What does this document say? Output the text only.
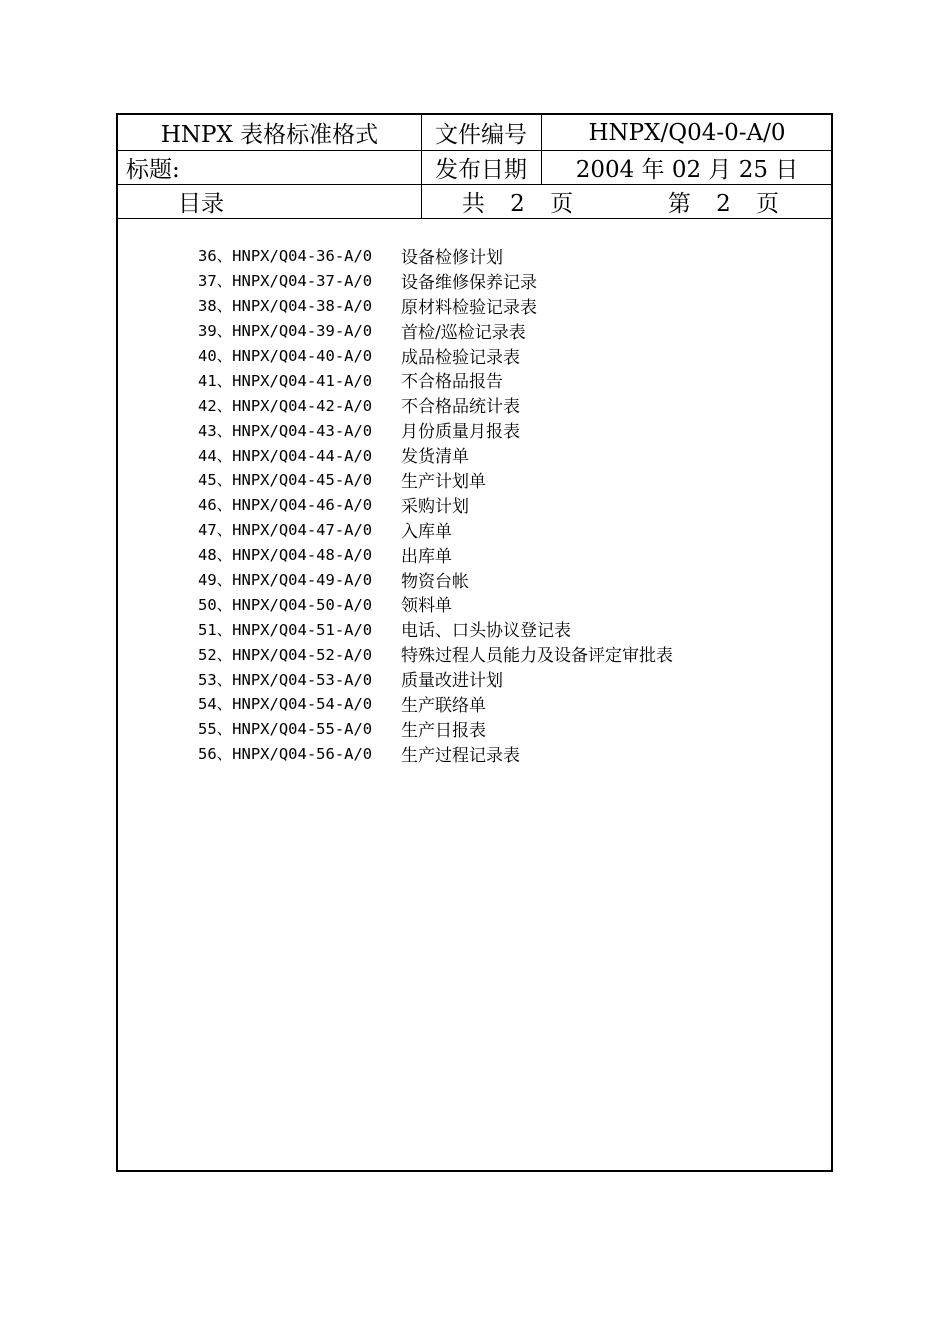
HNPX 表格标准格式	文件编号	HNPX/Q04-0-A/0
标题:	发布日期	2004 年 02 月 25 日
目录	共 2 页	第 2 页
36、HNPX/Q04-36-A/0	设备检修计划
37、HNPX/Q04-37-A/0	设备维修保养记录
38、HNPX/Q04-38-A/0	原材料检验记录表
39、HNPX/Q04-39-A/0	首检/巡检记录表
40、HNPX/Q04-40-A/0	成品检验记录表
41、HNPX/Q04-41-A/0	不合格品报告
42、HNPX/Q04-42-A/0	不合格品统计表
43、HNPX/Q04-43-A/0	月份质量月报表
44、HNPX/Q04-44-A/0	发货清单
45、HNPX/Q04-45-A/0	生产计划单
46、HNPX/Q04-46-A/0	采购计划
47、HNPX/Q04-47-A/0	入库单
48、HNPX/Q04-48-A/0	出库单
49、HNPX/Q04-49-A/0	物资台帐
50、HNPX/Q04-50-A/0	领料单
51、HNPX/Q04-51-A/0	电话、口头协议登记表
52、HNPX/Q04-52-A/0	特殊过程人员能力及设备评定审批表
53、HNPX/Q04-53-A/0	质量改进计划
54、HNPX/Q04-54-A/0	生产联络单
55、HNPX/Q04-55-A/0	生产日报表
56、HNPX/Q04-56-A/0	生产过程记录表
